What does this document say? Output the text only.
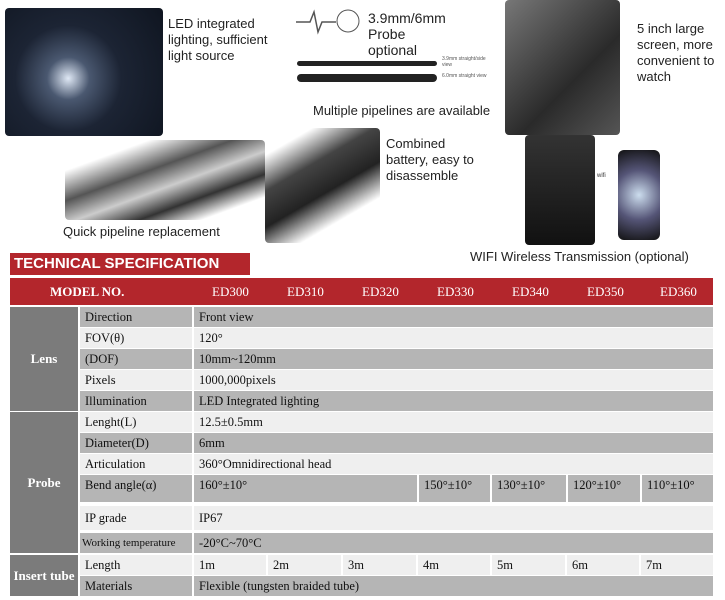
LED integrated lighting, sufficient light source
3.9mm/6mm Probe optional
3.9mm straight/side view
6.0mm straight view
Multiple pipelines are available
5 inch large screen, more convenient to watch
Quick pipeline replacement
Combined battery, easy to disassemble	wifi
WIFI Wireless Transmission (optional)
TECHNICAL SPECIFICATION
MODEL NO.	ED300	ED310	ED320	ED330	ED340	ED350	ED360
Lens
Probe
Insert tube
Direction	Front view
FOV(θ)	120°
(DOF)	10mm~120mm
Pixels	1000,000pixels
Illumination	LED Integrated lighting
Lenght(L)	12.5±0.5mm
Diameter(D)	6mm
Articulation	360°Omnidirectional head
Bend angle(α)	160°±10°	150°±10°	130°±10°	120°±10°	110°±10°
IP grade	IP67
Working temperature	-20°C~70°C
Length	1m	2m	3m	4m	5m	6m	7m
Materials	Flexible (tungsten braided tube)
